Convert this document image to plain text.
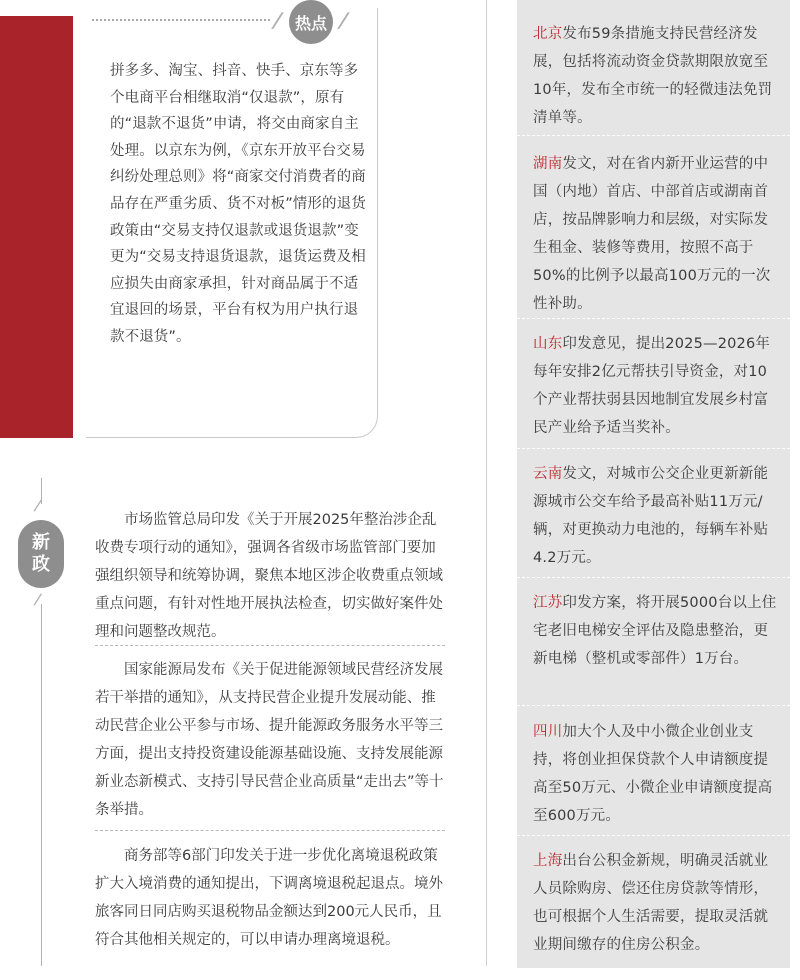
/ 热点 /
拼多多、淘宝、抖音、快手、京东等多个电商平台相继取消“仅退款”，原有的“退款不退货”申请，将交由商家自主处理。以京东为例，《京东开放平台交易纠纷处理总则》将“商家交付消费者的商品存在严重劣质、货不对板”情形的退货政策由“交易支持仅退款或退货退款”变更为“交易支持退货退款，退货运费及相应损失由商家承担，针对商品属于不适宜退回的场景，平台有权为用户执行退款不退货”。
/
新
政
/
市场监管总局印发《关于开展2025年整治涉企乱收费专项行动的通知》，强调各省级市场监管部门要加强组织领导和统筹协调，聚焦本地区涉企收费重点领域重点问题，有针对性地开展执法检查，切实做好案件处理和问题整改规范。
国家能源局发布《关于促进能源领域民营经济发展若干举措的通知》，从支持民营企业提升发展动能、推动民营企业公平参与市场、提升能源政务服务水平等三方面，提出支持投资建设能源基础设施、支持发展能源新业态新模式、支持引导民营企业高质量“走出去”等十条举措。
商务部等6部门印发关于进一步优化离境退税政策扩大入境消费的通知提出，下调离境退税起退点。境外旅客同日同店购买退税物品金额达到200元人民币，且符合其他相关规定的，可以申请办理离境退税。
北京发布59条措施支持民营经济发展，包括将流动资金贷款期限放宽至10年，发布全市统一的轻微违法免罚清单等。
湖南发文，对在省内新开业运营的中国（内地）首店、中部首店或湖南首店，按品牌影响力和层级，对实际发生租金、装修等费用，按照不高于50%的比例予以最高100万元的一次性补助。
山东印发意见，提出2025—2026年每年安排2亿元帮扶引导资金，对10个产业帮扶弱县因地制宜发展乡村富民产业给予适当奖补。
云南发文，对城市公交企业更新新能源城市公交车给予最高补贴11万元/辆，对更换动力电池的，每辆车补贴4.2万元。
江苏印发方案，将开展5000台以上住宅老旧电梯安全评估及隐患整治，更新电梯（整机或零部件）1万台。
四川加大个人及中小微企业创业支持，将创业担保贷款个人申请额度提高至50万元、小微企业申请额度提高至600万元。
上海出台公积金新规，明确灵活就业人员除购房、偿还住房贷款等情形，也可根据个人生活需要，提取灵活就业期间缴存的住房公积金。
